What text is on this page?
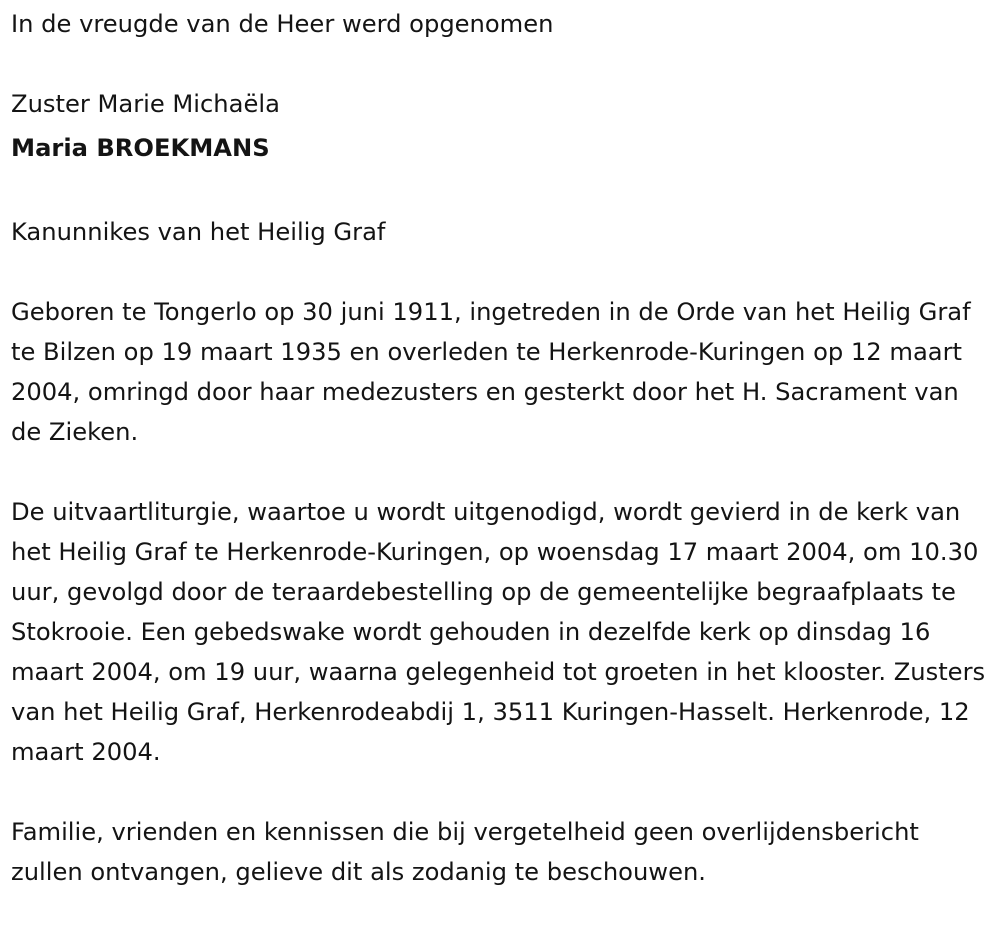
In de vreugde van de Heer werd opgenomen

Zuster Marie Michaëla

Maria BROEKMANS

Kanunnikes van het Heilig Graf

Geboren te Tongerlo op 30 juni 1911, ingetreden in de Orde van het Heilig Graf te Bilzen op 19 maart 1935 en overleden te Herkenrode-Kuringen op 12 maart 2004, omringd door haar medezusters en gesterkt door het H. Sacrament van de Zieken.

De uitvaartliturgie, waartoe u wordt uitgenodigd, wordt gevierd in de kerk van het Heilig Graf te Herkenrode-Kuringen, op woensdag 17 maart 2004, om 10.30 uur, gevolgd door de teraardebestelling op de gemeentelijke begraafplaats te Stokrooie. Een gebedswake wordt gehouden in dezelfde kerk op dinsdag 16 maart 2004, om 19 uur, waarna gelegenheid tot groeten in het klooster. Zusters van het Heilig Graf, Herkenrodeabdij 1, 3511 Kuringen-Hasselt. Herkenrode, 12 maart 2004.

Familie, vrienden en kennissen die bij vergetelheid geen overlijdensbericht zullen ontvangen, gelieve dit als zodanig te beschouwen.
